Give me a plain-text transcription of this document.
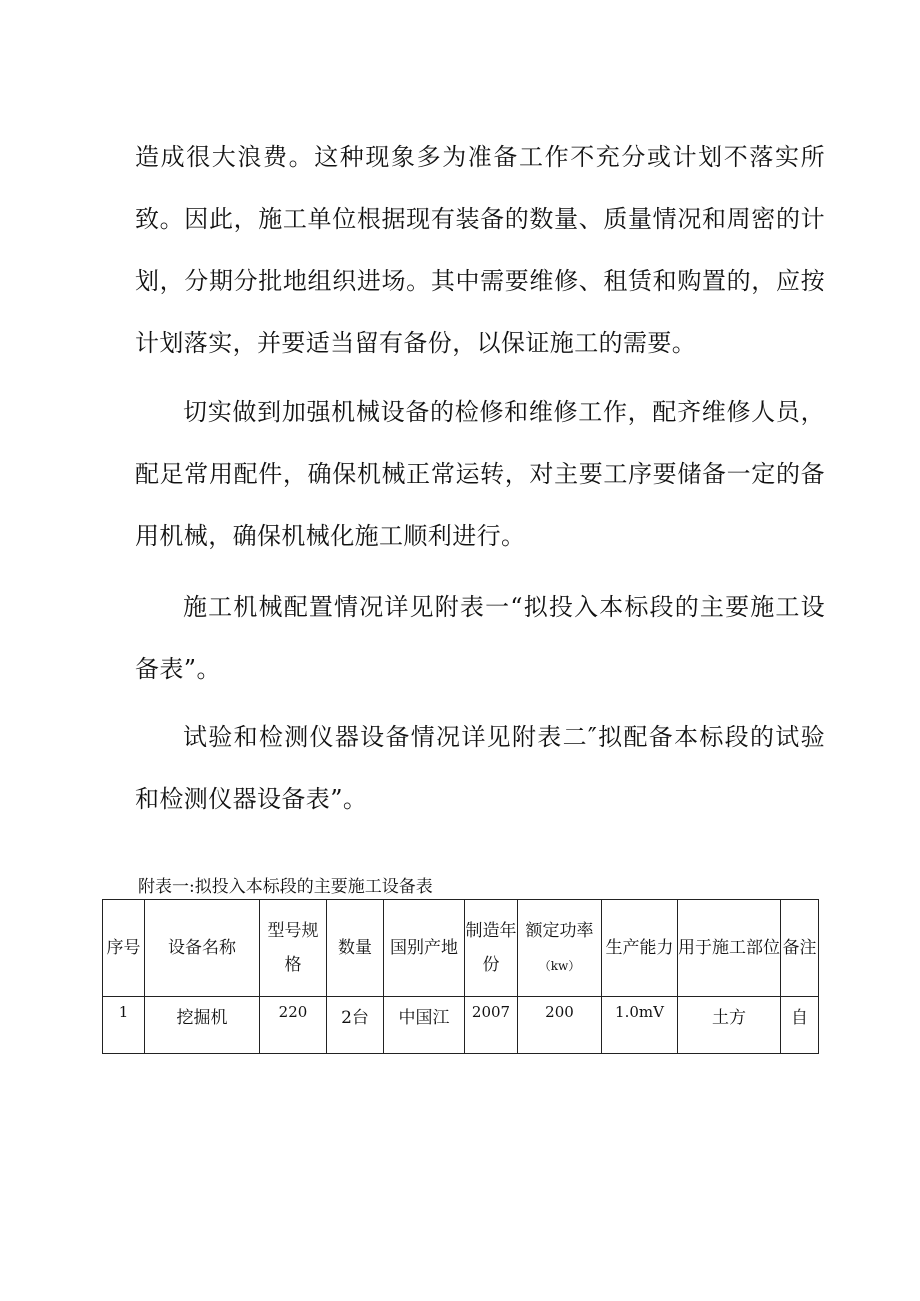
造成很大浪费。这种现象多为准备工作不充分或计划不落实所致。因此，施工单位根据现有装备的数量、质量情况和周密的计划，分期分批地组织进场。其中需要维修、租赁和购置的，应按计划落实，并要适当留有备份，以保证施工的需要。
切实做到加强机械设备的检修和维修工作，配齐维修人员，配足常用配件，确保机械正常运转，对主要工序要储备一定的备用机械，确保机械化施工顺利进行。
施工机械配置情况详见附表一“拟投入本标段的主要施工设备表”。
试验和检测仪器设备情况详见附表二″拟配备本标段的试验和检测仪器设备表”。
附表一:拟投入本标段的主要施工设备表
序号	设备名称	型号规格	数量	国别产地	制造年份	额定功率（kw）	生产能力	用于施工部位	备注

1	挖掘机	220	2台	中国江	2007	200	1.0mV	土方	自
